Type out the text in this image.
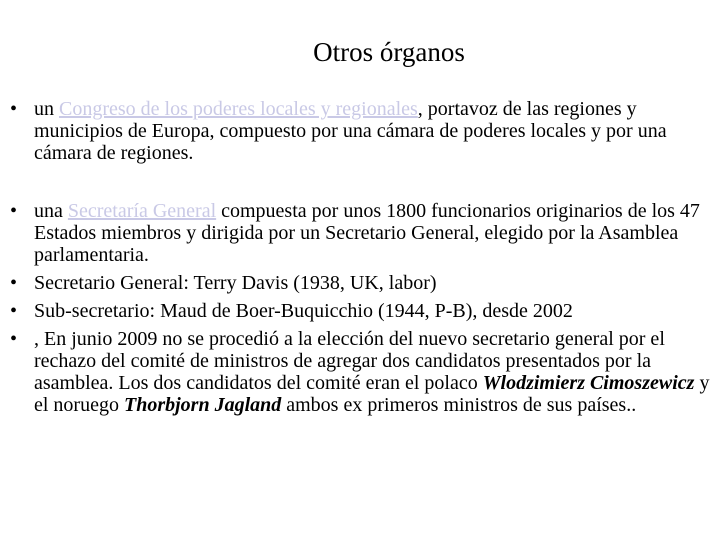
Otros órganos
• un Congreso de los poderes locales y regionales, portavoz de las regiones y municipios de Europa, compuesto por una cámara de poderes locales y por una cámara de regiones.
• una Secretaría General compuesta por unos 1800 funcionarios originarios de los 47 Estados miembros y dirigida por un Secretario General, elegido por la Asamblea parlamentaria.
• Secretario General: Terry Davis (1938, UK, labor)
• Sub-secretario: Maud de Boer-Buquicchio (1944, P-B), desde 2002
• , En junio 2009 no se procedió a la elección del nuevo secretario general por el rechazo del comité de ministros de agregar dos candidatos presentados por la asamblea. Los dos candidatos del comité eran el polaco Wlodzimierz Cimoszewicz y el noruego Thorbjorn Jagland ambos ex primeros ministros de sus países..
